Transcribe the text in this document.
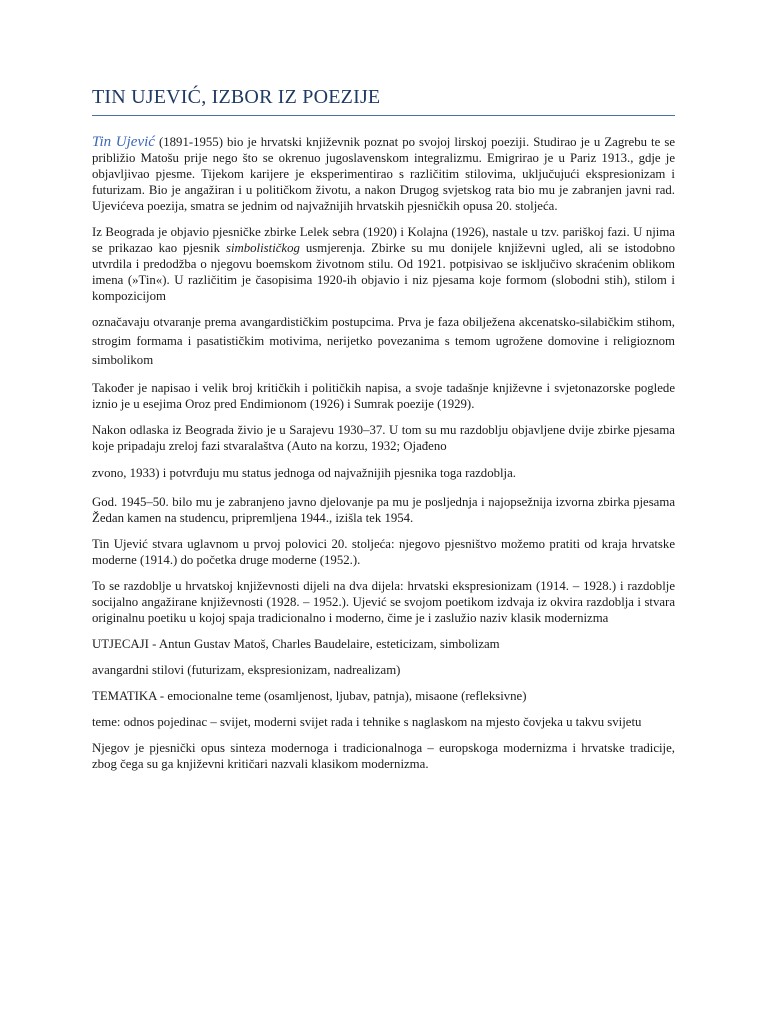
TIN UJEVIĆ, IZBOR IZ POEZIJE

Tin Ujević (1891-1955) bio je hrvatski književnik poznat po svojoj lirskoj poeziji. Studirao je u Zagrebu te se približio Matošu prije nego što se okrenuo jugoslavenskom integralizmu. Emigrirao je u Pariz 1913., gdje je objavljivao pjesme. Tijekom karijere je eksperimentirao s različitim stilovima, uključujući ekspresionizam i futurizam. Bio je angažiran i u političkom životu, a nakon Drugog svjetskog rata bio mu je zabranjen javni rad. Ujevićeva poezija, smatra se jednim od najvažnijih hrvatskih pjesničkih opusa 20. stoljeća.

Iz Beograda je objavio pjesničke zbirke Lelek sebra (1920) i Kolajna (1926), nastale u tzv. pariškoj fazi. U njima se prikazao kao pjesnik simbolističkog usmjerenja. Zbirke su mu donijele književni ugled, ali se istodobno utvrdila i predodžba o njegovu boemskom životnom stilu. Od 1921. potpisivao se isključivo skraćenim oblikom imena (»Tin«). U različitim je časopisima 1920-ih objavio i niz pjesama koje formom (slobodni stih), stilom i kompozicijom

označavaju otvaranje prema avangardističkim postupcima. Prva je faza obilježena akcenatsko-silabičkim stihom, strogim formama i pasatističkim motivima, nerijetko povezanima s temom ugrožene domovine i religioznom simbolikom

Također je napisao i velik broj kritičkih i političkih napisa, a svoje tadašnje književne i svjetonazorske poglede iznio je u esejima Oroz pred Endimionom (1926) i Sumrak poezije (1929).

Nakon odlaska iz Beograda živio je u Sarajevu 1930–37. U tom su mu razdoblju objavljene dvije zbirke pjesama koje pripadaju zreloj fazi stvaralaštva (Auto na korzu, 1932; Ojađeno

zvono, 1933) i potvrđuju mu status jednoga od najvažnijih pjesnika toga razdoblja.

God. 1945–50. bilo mu je zabranjeno javno djelovanje pa mu je posljednja i najopsežnija izvorna zbirka pjesama Žedan kamen na studencu, pripremljena 1944., izišla tek 1954.

Tin Ujević stvara uglavnom u prvoj polovici 20. stoljeća: njegovo pjesništvo možemo pratiti od kraja hrvatske moderne (1914.) do početka druge moderne (1952.).

To se razdoblje u hrvatskoj književnosti dijeli na dva dijela: hrvatski ekspresionizam (1914. – 1928.) i razdoblje socijalno angažirane književnosti (1928. – 1952.). Ujević se svojom poetikom izdvaja iz okvira razdoblja i stvara originalnu poetiku u kojoj spaja tradicionalno i moderno, čime je i zaslužio naziv klasik modernizma

UTJECAJI - Antun Gustav Matoš, Charles Baudelaire, esteticizam, simbolizam

avangardni stilovi (futurizam, ekspresionizam, nadrealizam)

TEMATIKA - emocionalne teme (osamljenost, ljubav, patnja), misaone (refleksivne)

teme: odnos pojedinac – svijet, moderni svijet rada i tehnike s naglaskom na mjesto čovjeka u takvu svijetu

Njegov je pjesnički opus sinteza modernoga i tradicionalnoga – europskoga modernizma i hrvatske tradicije, zbog čega su ga književni kritičari nazvali klasikom modernizma.
